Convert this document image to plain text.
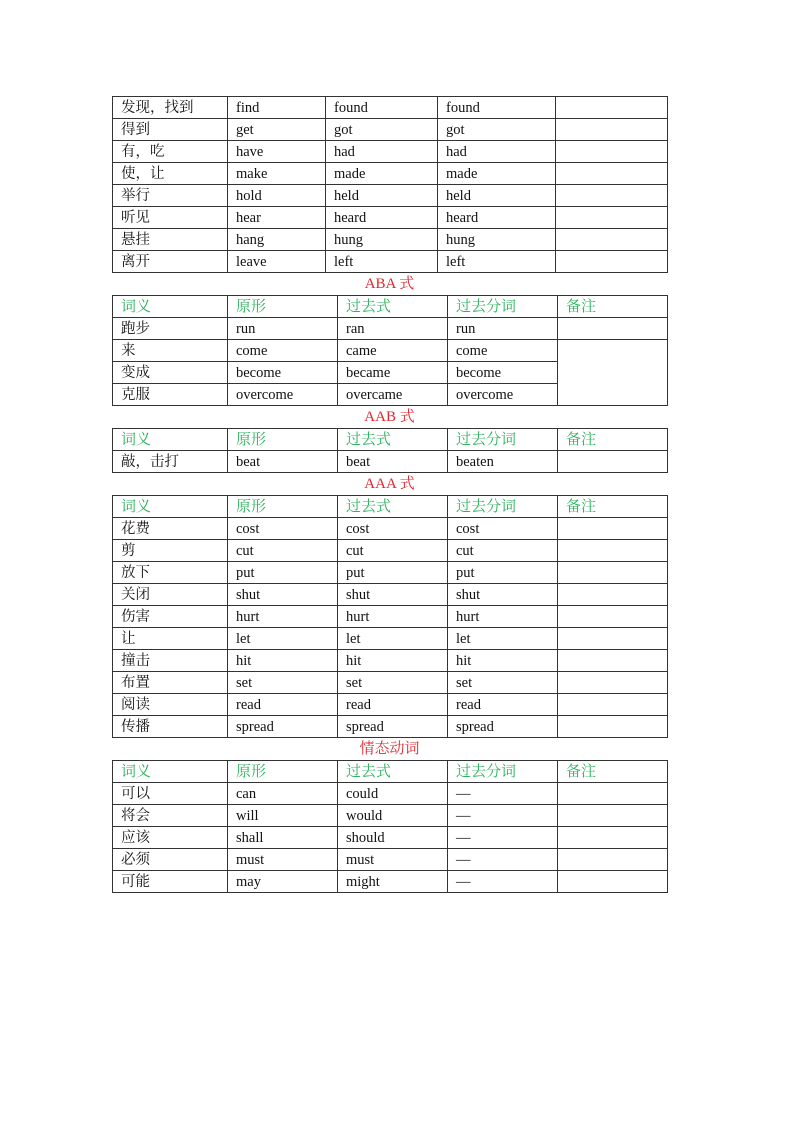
发现，找到	find	found	found	
得到	get	got	got	
有，吃	have	had	had	
使，让	make	made	made	
举行	hold	held	held	
听见	hear	heard	heard	
悬挂	hang	hung	hung	
离开	leave	left	left	
ABA 式
词义	原形	过去式	过去分词	备注
跑步	run	ran	run	
来	come	came	come	
变成	become	became	become	
克服	overcome	overcame	overcome	
AAB 式
词义	原形	过去式	过去分词	备注
敲，击打	beat	beat	beaten	
AAA 式
词义	原形	过去式	过去分词	备注
花费	cost	cost	cost	
剪	cut	cut	cut	
放下	put	put	put	
关闭	shut	shut	shut	
伤害	hurt	hurt	hurt	
让	let	let	let	
撞击	hit	hit	hit	
布置	set	set	set	
阅读	read	read	read	
传播	spread	spread	spread	
情态动词
词义	原形	过去式	过去分词	备注
可以	can	could	—	
将会	will	would	—	
应该	shall	should	—	
必须	must	must	—	
可能	may	might	—	
